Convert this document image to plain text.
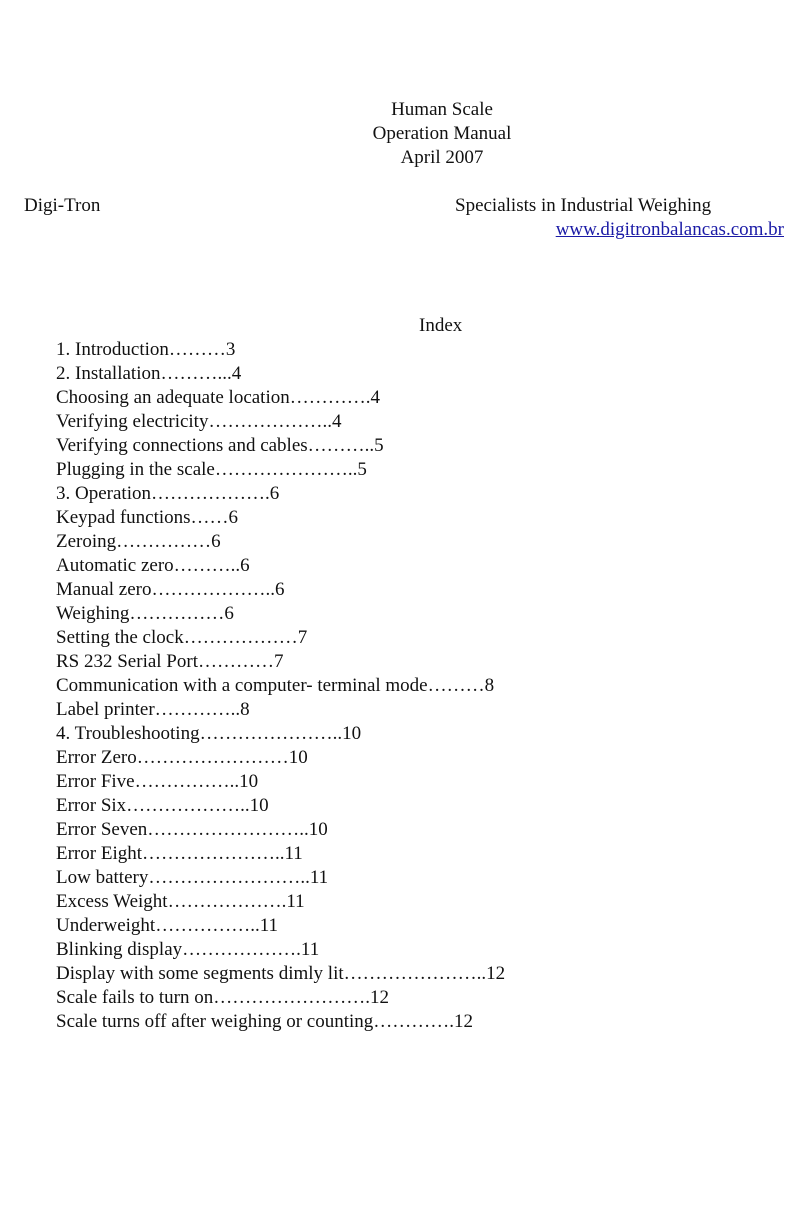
Human Scale
Operation Manual
April 2007
Digi-Tron	Specialists in Industrial Weighing
www.digitronbalancas.com.br
Index
1. Introduction………3
2. Installation………...4
Choosing an adequate location………….4
Verifying electricity………………..4
Verifying connections and cables………..5
Plugging in the scale…………………..5
3. Operation……………….6
Keypad functions……6
Zeroing……………6
Automatic zero………..6
Manual zero………………..6
Weighing……………6
Setting the clock………………7
RS 232 Serial Port…………7
Communication with a computer- terminal mode………8
Label printer…………..8
4. Troubleshooting…………………..10
Error Zero……………………10
Error Five……………..10
Error Six………………..10
Error Seven……………………..10
Error Eight…………………..11
Low battery……………………..11
Excess Weight……………….11
Underweight……………..11
Blinking display……………….11
Display with some segments dimly lit…………………..12
Scale fails to turn on…………………….12
Scale turns off after weighing or counting………….12
